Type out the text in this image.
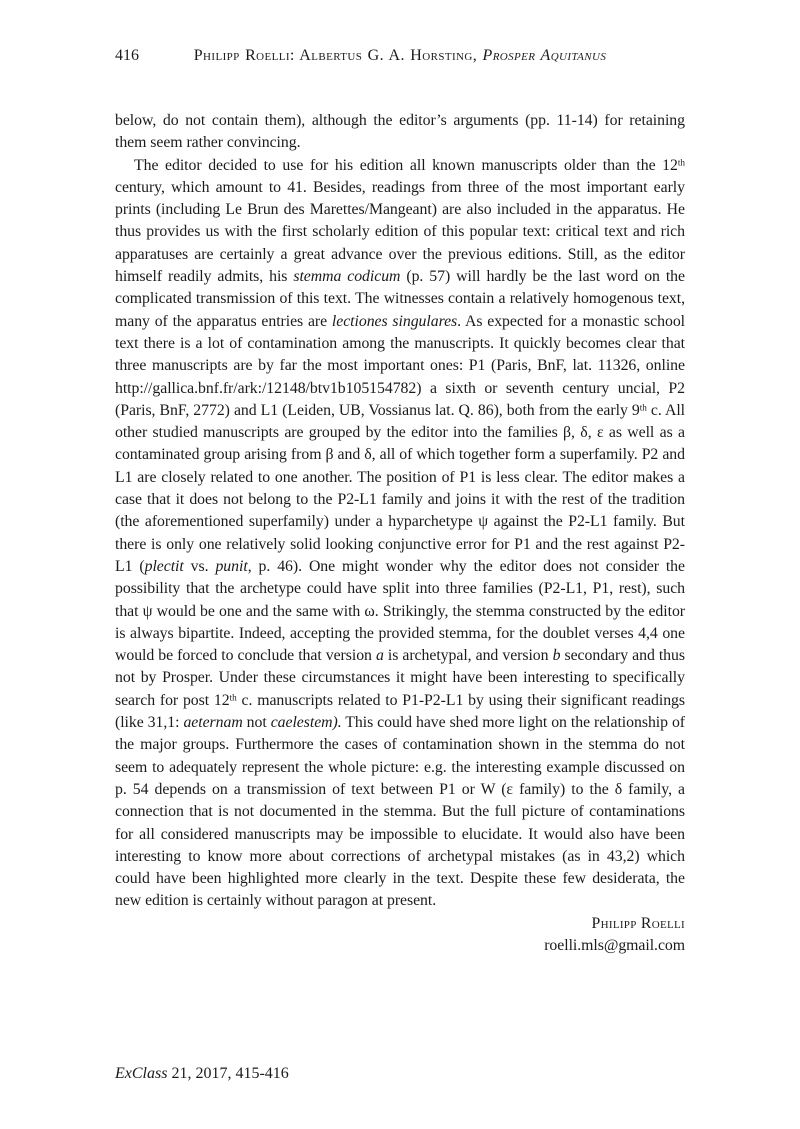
416	Philipp Roelli: Albertus G. A. Horsting, Prosper Aquitanus

below, do not contain them), although the editor’s arguments (pp. 11-14) for retaining them seem rather convincing.

The editor decided to use for his edition all known manuscripts older than the 12th century, which amount to 41. Besides, readings from three of the most important early prints (including Le Brun des Marettes/Mangeant) are also included in the apparatus. He thus provides us with the first scholarly edition of this popular text: critical text and rich apparatuses are certainly a great advance over the previous editions. Still, as the editor himself readily admits, his stemma codicum (p. 57) will hardly be the last word on the complicated transmission of this text. The witnesses contain a relatively homogenous text, many of the apparatus entries are lectiones singulares. As expected for a monastic school text there is a lot of contamination among the manuscripts. It quickly becomes clear that three manuscripts are by far the most important ones: P1 (Paris, BnF, lat. 11326, online http://gallica.bnf.fr/ark:/12148/btv1b105154782) a sixth or seventh century uncial, P2 (Paris, BnF, 2772) and L1 (Leiden, UB, Vossianus lat. Q. 86), both from the early 9th c. All other studied manuscripts are grouped by the editor into the families β, δ, ε as well as a contaminated group arising from β and δ, all of which together form a superfamily. P2 and L1 are closely related to one another. The position of P1 is less clear. The editor makes a case that it does not belong to the P2-L1 family and joins it with the rest of the tradition (the aforementioned superfamily) under a hyparchetype ψ against the P2-L1 family. But there is only one relatively solid looking conjunctive error for P1 and the rest against P2-L1 (plectit vs. punit, p. 46). One might wonder why the editor does not consider the possibility that the archetype could have split into three families (P2-L1, P1, rest), such that ψ would be one and the same with ω. Strikingly, the stemma constructed by the editor is always bipartite. Indeed, accepting the provided stemma, for the doublet verses 4,4 one would be forced to conclude that version a is archetypal, and version b secondary and thus not by Prosper. Under these circumstances it might have been interesting to specifically search for post 12th c. manuscripts related to P1-P2-L1 by using their significant readings (like 31,1: aeternam not caelestem). This could have shed more light on the relationship of the major groups. Furthermore the cases of contamination shown in the stemma do not seem to adequately represent the whole picture: e.g. the interesting example discussed on p. 54 depends on a transmission of text between P1 or W (ε family) to the δ family, a connection that is not documented in the stemma. But the full picture of contaminations for all considered manuscripts may be impossible to elucidate. It would also have been interesting to know more about corrections of archetypal mistakes (as in 43,2) which could have been highlighted more clearly in the text. Despite these few desiderata, the new edition is certainly without paragon at present.

Philipp Roelli
roelli.mls@gmail.com
ExClass 21, 2017, 415-416
